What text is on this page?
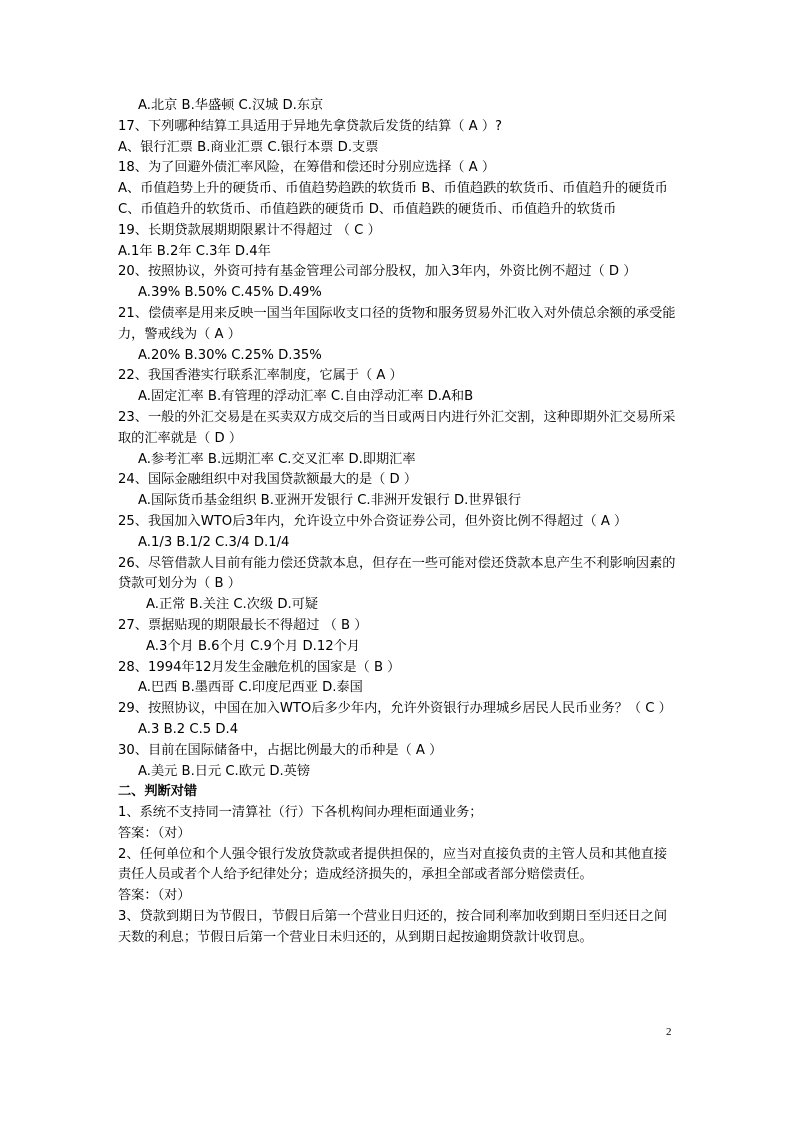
A.北京 B.华盛顿 C.汉城 D.东京
17、下列哪种结算工具适用于异地先拿贷款后发货的结算（ A ）?
A、银行汇票 B.商业汇票 C.银行本票 D.支票
18、为了回避外债汇率风险，在筹借和偿还时分别应选择（ A ）
A、币值趋势上升的硬货币、币值趋势趋跌的软货币 B、币值趋跌的软货币、币值趋升的硬货币
C、币值趋升的软货币、币值趋跌的硬货币 D、币值趋跌的硬货币、币值趋升的软货币
19、长期贷款展期期限累计不得超过 （ C ）
A.1年 B.2年 C.3年 D.4年
20、按照协议，外资可持有基金管理公司部分股权，加入3年内，外资比例不超过（ D ）
A.39% B.50% C.45% D.49%
21、偿债率是用来反映一国当年国际收支口径的货物和服务贸易外汇收入对外债总余额的承受能力，警戒线为（ A ）
A.20% B.30% C.25% D.35%
22、我国香港实行联系汇率制度，它属于（ A ）
A.固定汇率 B.有管理的浮动汇率 C.自由浮动汇率 D.A和B
23、一般的外汇交易是在买卖双方成交后的当日或两日内进行外汇交割，这种即期外汇交易所采取的汇率就是（ D ）
A.参考汇率 B.远期汇率 C.交叉汇率 D.即期汇率
24、国际金融组织中对我国贷款额最大的是（ D ）
A.国际货币基金组织 B.亚洲开发银行 C.非洲开发银行 D.世界银行
25、我国加入WTO后3年内，允许设立中外合资证券公司，但外资比例不得超过（ A ）
A.1/3 B.1/2 C.3/4 D.1/4
26、尽管借款人目前有能力偿还贷款本息，但存在一些可能对偿还贷款本息产生不利影响因素的贷款可划分为（ B ）
A.正常 B.关注 C.次级 D.可疑
27、票据贴现的期限最长不得超过 （ B ）
A.3个月 B.6个月 C.9个月 D.12个月
28、1994年12月发生金融危机的国家是（ B ）
A.巴西 B.墨西哥 C.印度尼西亚 D.泰国
29、按照协议，中国在加入WTO后多少年内，允许外资银行办理城乡居民人民币业务？（ C ）
A.3 B.2 C.5 D.4
30、目前在国际储备中，占据比例最大的币种是（ A ）
A.美元 B.日元 C.欧元 D.英镑
二、判断对错
1、系统不支持同一清算社（行）下各机构间办理柜面通业务；
答案：（对）
2、任何单位和个人强令银行发放贷款或者提供担保的，应当对直接负责的主管人员和其他直接责任人员或者个人给予纪律处分；造成经济损失的，承担全部或者部分赔偿责任。
答案：（对）
3、贷款到期日为节假日，节假日后第一个营业日归还的，按合同利率加收到期日至归还日之间天数的利息；节假日后第一个营业日未归还的，从到期日起按逾期贷款计收罚息。
2
